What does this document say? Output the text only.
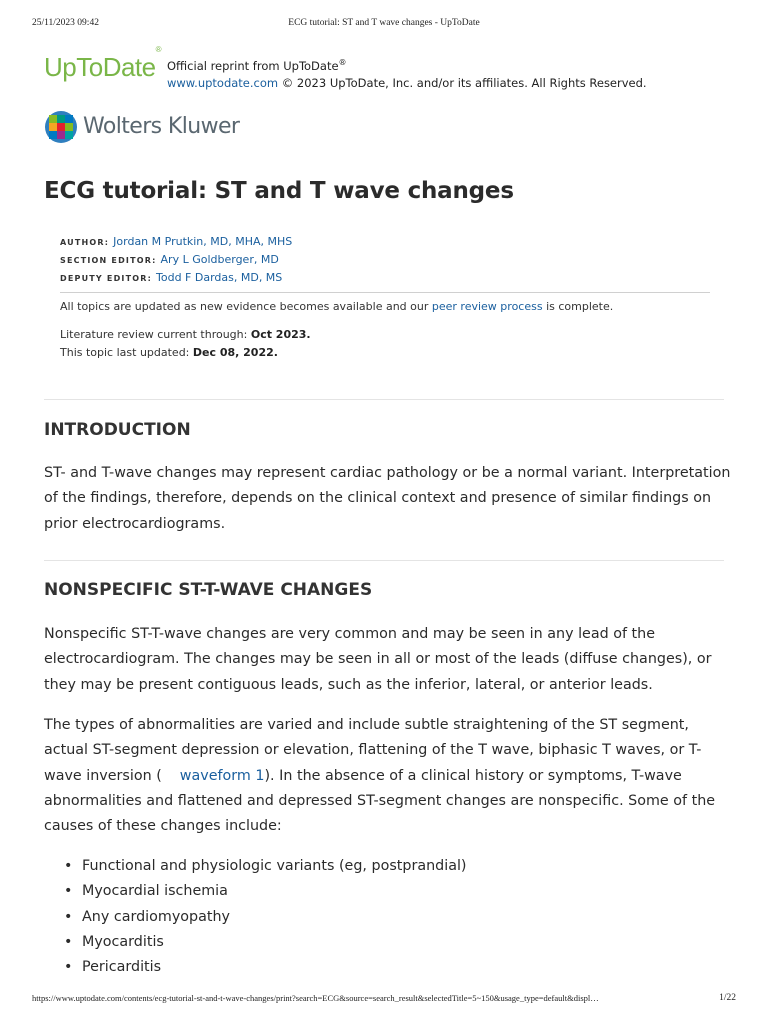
25/11/2023 09:42	ECG tutorial: ST and T wave changes - UpToDate
UpToDate®
Official reprint from UpToDate®
www.uptodate.com © 2023 UpToDate, Inc. and/or its affiliates. All Rights Reserved.
Wolters Kluwer
ECG tutorial: ST and T wave changes
AUTHOR: Jordan M Prutkin, MD, MHA, MHS
SECTION EDITOR: Ary L Goldberger, MD
DEPUTY EDITOR: Todd F Dardas, MD, MS
All topics are updated as new evidence becomes available and our peer review process is complete.
Literature review current through: Oct 2023.
This topic last updated: Dec 08, 2022.
INTRODUCTION

ST- and T-wave changes may represent cardiac pathology or be a normal variant. Interpretation of the findings, therefore, depends on the clinical context and presence of similar findings on prior electrocardiograms.

NONSPECIFIC ST-T-WAVE CHANGES

Nonspecific ST-T-wave changes are very common and may be seen in any lead of the electrocardiogram. The changes may be seen in all or most of the leads (diffuse changes), or they may be present contiguous leads, such as the inferior, lateral, or anterior leads.

The types of abnormalities are varied and include subtle straightening of the ST segment, actual ST-segment depression or elevation, flattening of the T wave, biphasic T waves, or T-wave inversion ( waveform 1). In the absence of a clinical history or symptoms, T-wave abnormalities and flattened and depressed ST-segment changes are nonspecific. Some of the causes of these changes include:

• Functional and physiologic variants (eg, postprandial)
• Myocardial ischemia
• Any cardiomyopathy
• Myocarditis
• Pericarditis
https://www.uptodate.com/contents/ecg-tutorial-st-and-t-wave-changes/print?search=ECG&source=search_result&selectedTitle=5~150&usage_type=default&displ…	1/22
